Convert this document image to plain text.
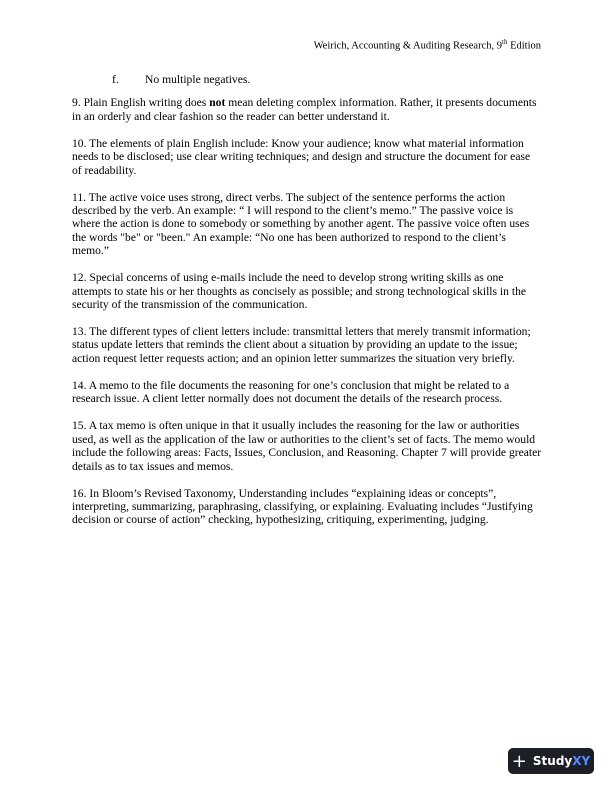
Weirich, Accounting & Auditing Research, 9th Edition
f. No multiple negatives.

9. Plain English writing does not mean deleting complex information. Rather, it presents documents in an orderly and clear fashion so the reader can better understand it.

10. The elements of plain English include: Know your audience; know what material information needs to be disclosed; use clear writing techniques; and design and structure the document for ease of readability.

11. The active voice uses strong, direct verbs. The subject of the sentence performs the action described by the verb. An example: “ I will respond to the client’s memo.” The passive voice is where the action is done to somebody or something by another agent. The passive voice often uses the words "be" or "been." An example: “No one has been authorized to respond to the client’s memo.”

12. Special concerns of using e-mails include the need to develop strong writing skills as one attempts to state his or her thoughts as concisely as possible; and strong technological skills in the security of the transmission of the communication.

13. The different types of client letters include: transmittal letters that merely transmit information; status update letters that reminds the client about a situation by providing an update to the issue; action request letter requests action; and an opinion letter summarizes the situation very briefly.

14. A memo to the file documents the reasoning for one’s conclusion that might be related to a research issue. A client letter normally does not document the details of the research process.

15. A tax memo is often unique in that it usually includes the reasoning for the law or authorities used, as well as the application of the law or authorities to the client’s set of facts. The memo would include the following areas: Facts, Issues, Conclusion, and Reasoning. Chapter 7 will provide greater details as to tax issues and memos.

16. In Bloom’s Revised Taxonomy, Understanding includes “explaining ideas or concepts”, interpreting, summarizing, paraphrasing, classifying, or explaining. Evaluating includes “Justifying decision or course of action” checking, hypothesizing, critiquing, experimenting, judging.

+ StudyXY
